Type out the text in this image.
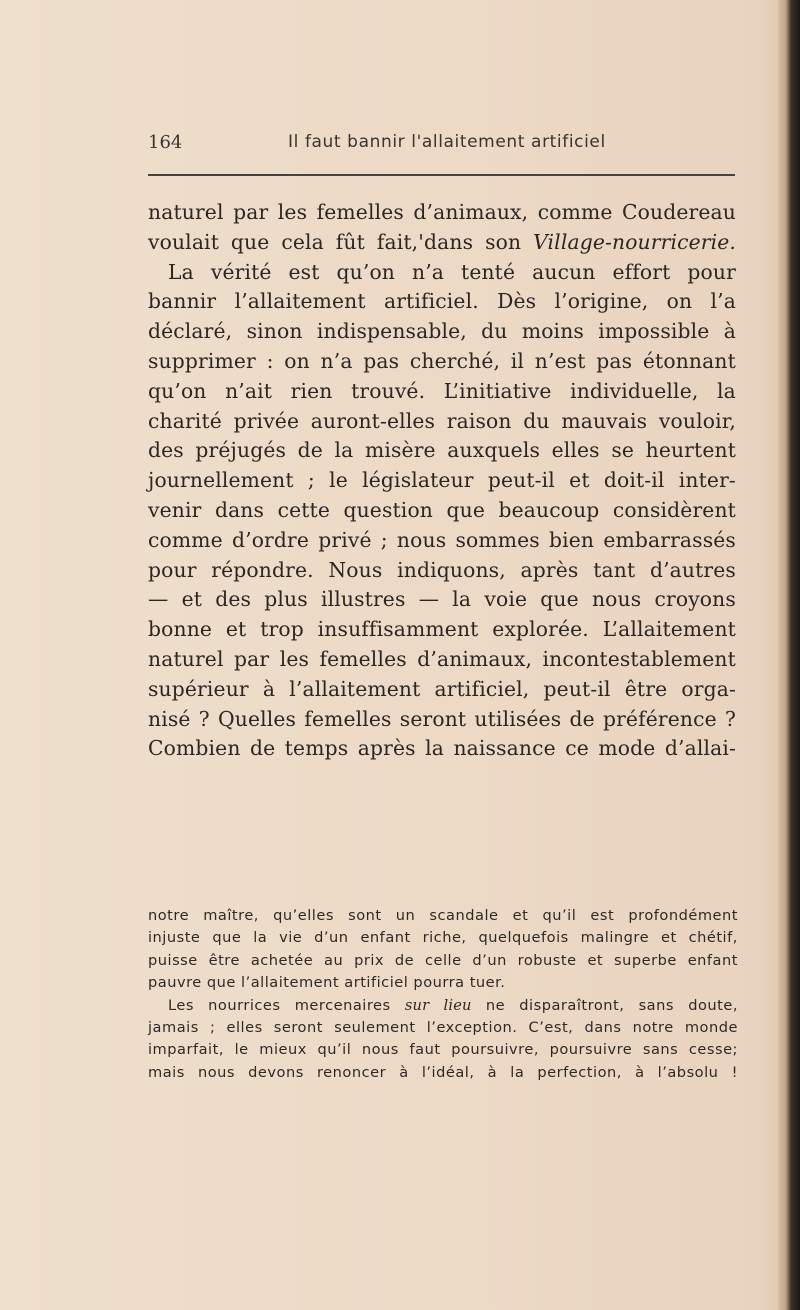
164	Il faut bannir l'allaitement artificiel
naturel par les femelles d’animaux, comme Coudereau
voulait que cela fût fait,'dans son Village-nourricerie.
La vérité est qu’on n’a tenté aucun effort pour
bannir l’allaitement artificiel. Dès l’origine, on l’a
déclaré, sinon indispensable, du moins impossible à
supprimer : on n’a pas cherché, il n’est pas étonnant
qu’on n’ait rien trouvé. L’initiative individuelle, la
charité privée auront-elles raison du mauvais vouloir,
des préjugés de la misère auxquels elles se heurtent
journellement ; le législateur peut-il et doit-il inter-
venir dans cette question que beaucoup considèrent
comme d’ordre privé ; nous sommes bien embarrassés
pour répondre. Nous indiquons, après tant d’autres
— et des plus illustres — la voie que nous croyons
bonne et trop insuffisamment explorée. L’allaitement
naturel par les femelles d’animaux, incontestablement
supérieur à l’allaitement artificiel, peut-il être orga-
nisé ? Quelles femelles seront utilisées de préférence ?
Combien de temps après la naissance ce mode d’allai-
notre maître, qu’elles sont un scandale et qu’il est profondément
injuste que la vie d’un enfant riche, quelquefois malingre et chétif,
puisse être achetée au prix de celle d’un robuste et superbe enfant
pauvre que l’allaitement artificiel pourra tuer.
Les nourrices mercenaires sur lieu ne disparaîtront, sans doute,
jamais ; elles seront seulement l’exception. C’est, dans notre monde
imparfait, le mieux qu’il nous faut poursuivre, poursuivre sans cesse;
mais nous devons renoncer à l’idéal, à la perfection, à l’absolu !
